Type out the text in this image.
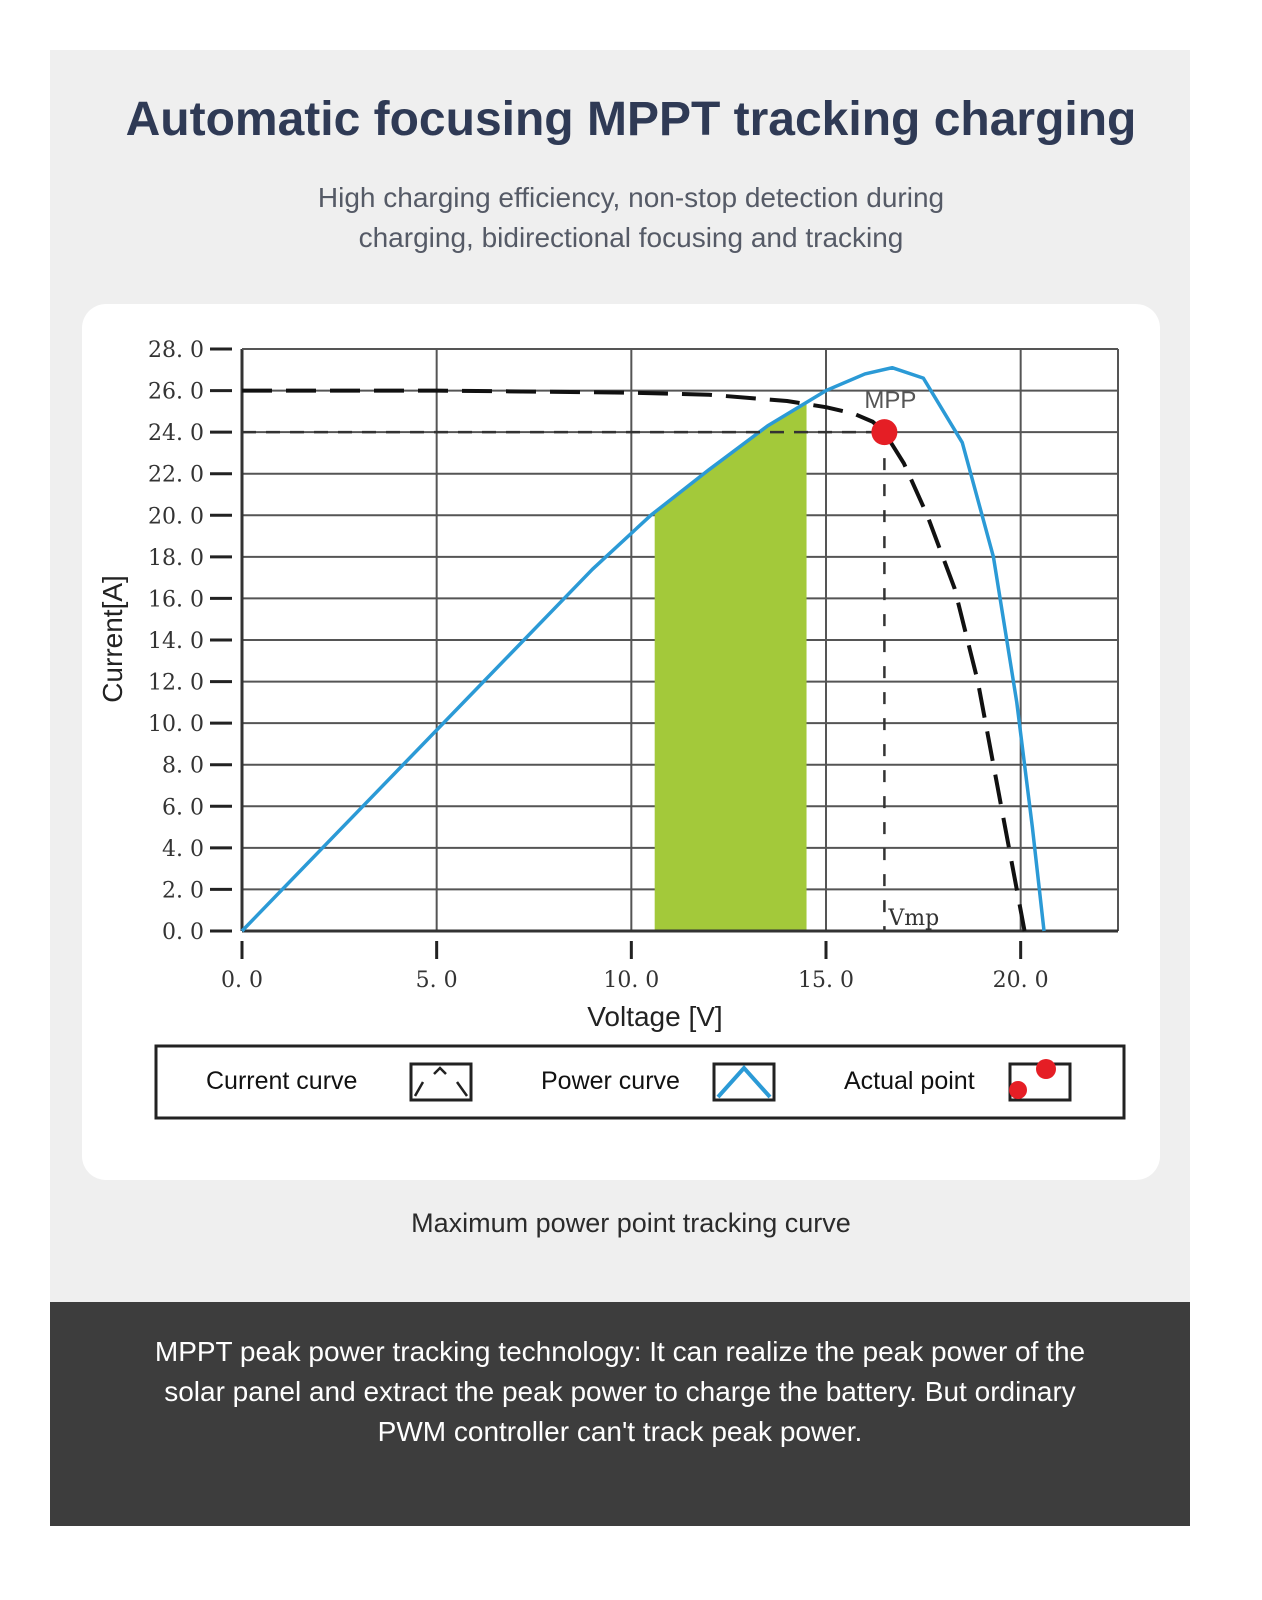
Automatic focusing MPPT tracking charging
High charging efficiency, non-stop detection during
charging, bidirectional focusing and tracking
0. 0
2. 0
4. 0
6. 0
8. 0
10. 0
12. 0
14. 0
16. 0
18. 0
20. 0
22. 0
24. 0
26. 0
28. 0
0. 0	5. 0	10. 0	15. 0	20. 0
MPP
Vmp
Current[A]
Voltage [V]
Current curve	Power curve	Actual point
Maximum power point tracking curve
MPPT peak power tracking technology: It can realize the peak power of the
solar panel and extract the peak power to charge the battery. But ordinary
PWM controller can't track peak power.
